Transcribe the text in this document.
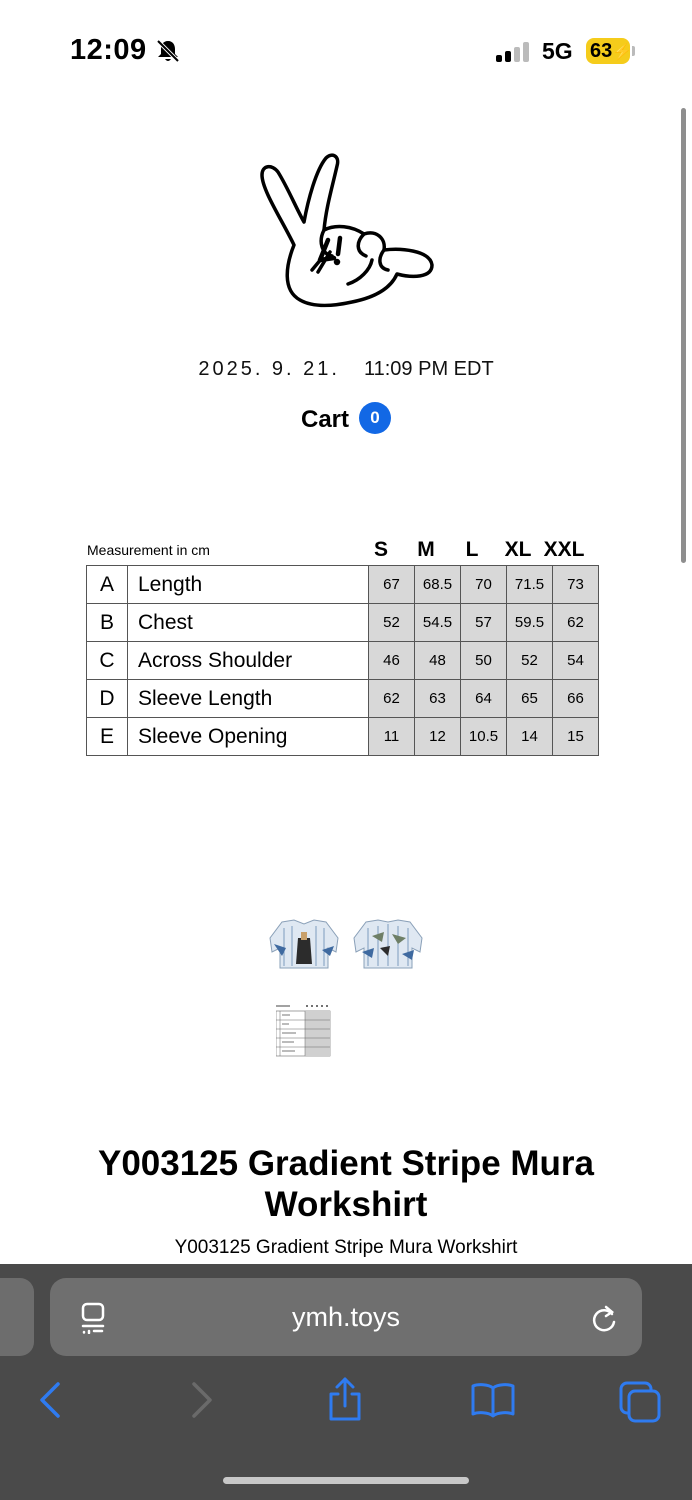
12:09	5G 63⚡
2025. 9. 21. 11:09 PM EDT
Cart 0
Measurement in cm	S	M	L	XL XXL
A	Length	67	68.5	70	71.5	73
B	Chest	52	54.5	57	59.5	62
C	Across Shoulder	46	48	50	52	54
D	Sleeve Length	62	63	64	65	66
E	Sleeve Opening	11	12	10.5	14	15
Y003125 Gradient Stripe Mura Workshirt
Y003125 Gradient Stripe Mura Workshirt
ymh.toys
